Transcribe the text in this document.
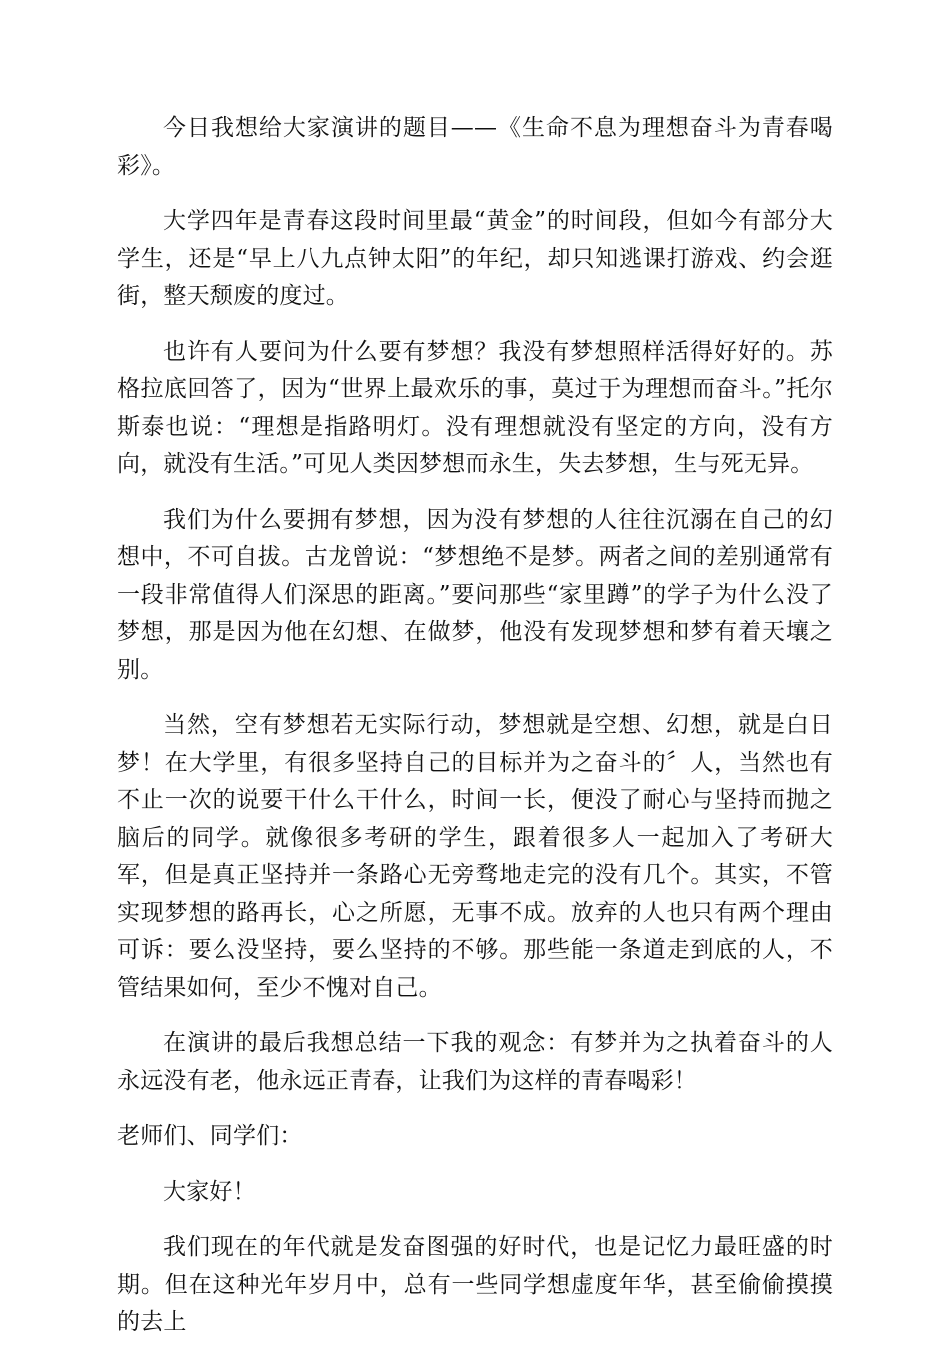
今日我想给大家演讲的题目——《生命不息为理想奋斗为青春喝彩》。

大学四年是青春这段时间里最“黄金”的时间段，但如今有部分大学生，还是“早上八九点钟太阳”的年纪，却只知逃课打游戏、约会逛街，整天颓废的度过。

也许有人要问为什么要有梦想？我没有梦想照样活得好好的。苏格拉底回答了，因为“世界上最欢乐的事，莫过于为理想而奋斗。”托尔斯泰也说：“理想是指路明灯。没有理想就没有坚定的方向，没有方向，就没有生活。”可见人类因梦想而永生，失去梦想，生与死无异。

我们为什么要拥有梦想，因为没有梦想的人往往沉溺在自己的幻想中，不可自拔。古龙曾说：“梦想绝不是梦。两者之间的差别通常有一段非常值得人们深思的距离。”要问那些“家里蹲”的学子为什么没了梦想，那是因为他在幻想、在做梦，他没有发现梦想和梦有着天壤之别。

当然，空有梦想若无实际行动，梦想就是空想、幻想，就是白日梦！在大学里，有很多坚持自己的目标并为之奋斗的〞人，当然也有不止一次的说要干什么干什么，时间一长，便没了耐心与坚持而抛之脑后的同学。就像很多考研的学生，跟着很多人一起加入了考研大军，但是真正坚持并一条路心无旁骛地走完的没有几个。其实，不管实现梦想的路再长，心之所愿，无事不成。放弃的人也只有两个理由可诉：要么没坚持，要么坚持的不够。那些能一条道走到底的人，不管结果如何，至少不愧对自己。

在演讲的最后我想总结一下我的观念：有梦并为之执着奋斗的人永远没有老，他永远正青春，让我们为这样的青春喝彩！

老师们、同学们：

大家好！

我们现在的年代就是发奋图强的好时代，也是记忆力最旺盛的时期。但在这种光年岁月中，总有一些同学想虚度年华，甚至偷偷摸摸的去上
